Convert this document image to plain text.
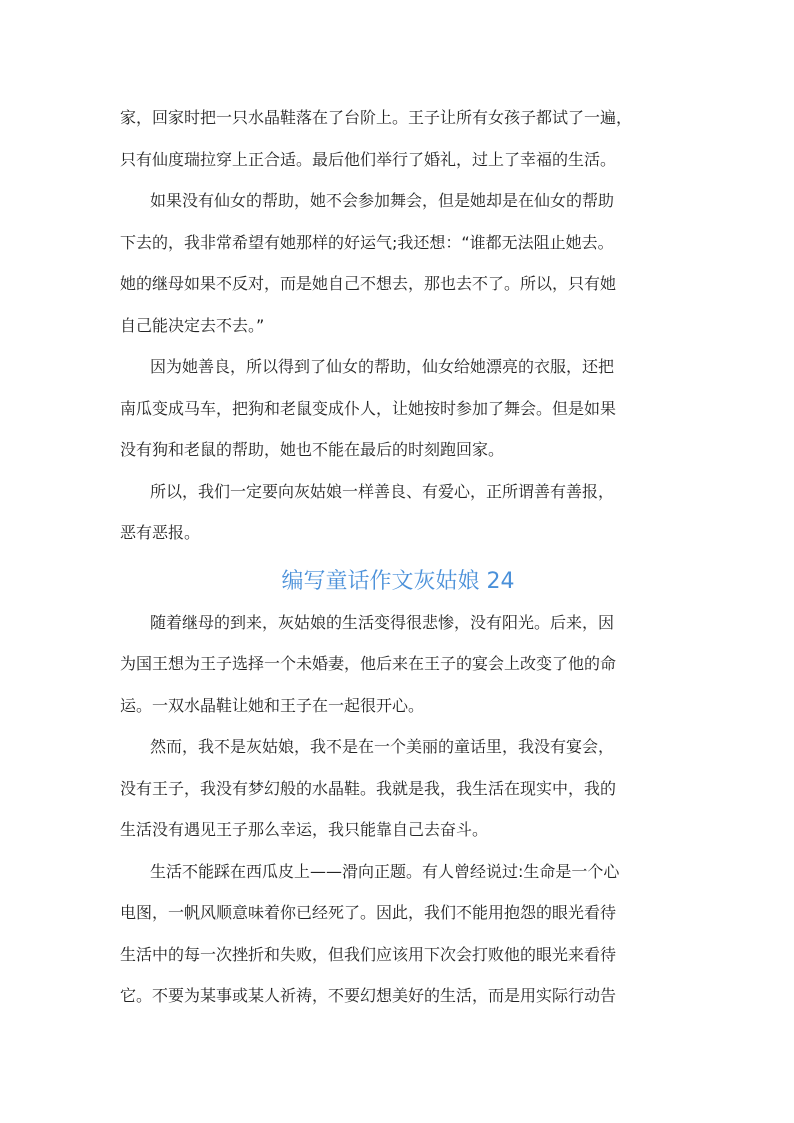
家，回家时把一只水晶鞋落在了台阶上。王子让所有女孩子都试了一遍，
只有仙度瑞拉穿上正合适。最后他们举行了婚礼，过上了幸福的生活。

如果没有仙女的帮助，她不会参加舞会，但是她却是在仙女的帮助
下去的，我非常希望有她那样的好运气;我还想：“谁都无法阻止她去。
她的继母如果不反对，而是她自己不想去，那也去不了。所以，只有她
自己能决定去不去。”

因为她善良，所以得到了仙女的帮助，仙女给她漂亮的衣服，还把
南瓜变成马车，把狗和老鼠变成仆人，让她按时参加了舞会。但是如果
没有狗和老鼠的帮助，她也不能在最后的时刻跑回家。

所以，我们一定要向灰姑娘一样善良、有爱心，正所谓善有善报，
恶有恶报。

编写童话作文灰姑娘 24

随着继母的到来，灰姑娘的生活变得很悲惨，没有阳光。后来，因
为国王想为王子选择一个未婚妻，他后来在王子的宴会上改变了他的命
运。一双水晶鞋让她和王子在一起很开心。

然而，我不是灰姑娘，我不是在一个美丽的童话里，我没有宴会，
没有王子，我没有梦幻般的水晶鞋。我就是我，我生活在现实中，我的
生活没有遇见王子那么幸运，我只能靠自己去奋斗。

生活不能踩在西瓜皮上——滑向正题。有人曾经说过:生命是一个心
电图，一帆风顺意味着你已经死了。因此，我们不能用抱怨的眼光看待
生活中的每一次挫折和失败，但我们应该用下次会打败他的眼光来看待
它。不要为某事或某人祈祷，不要幻想美好的生活，而是用实际行动告
